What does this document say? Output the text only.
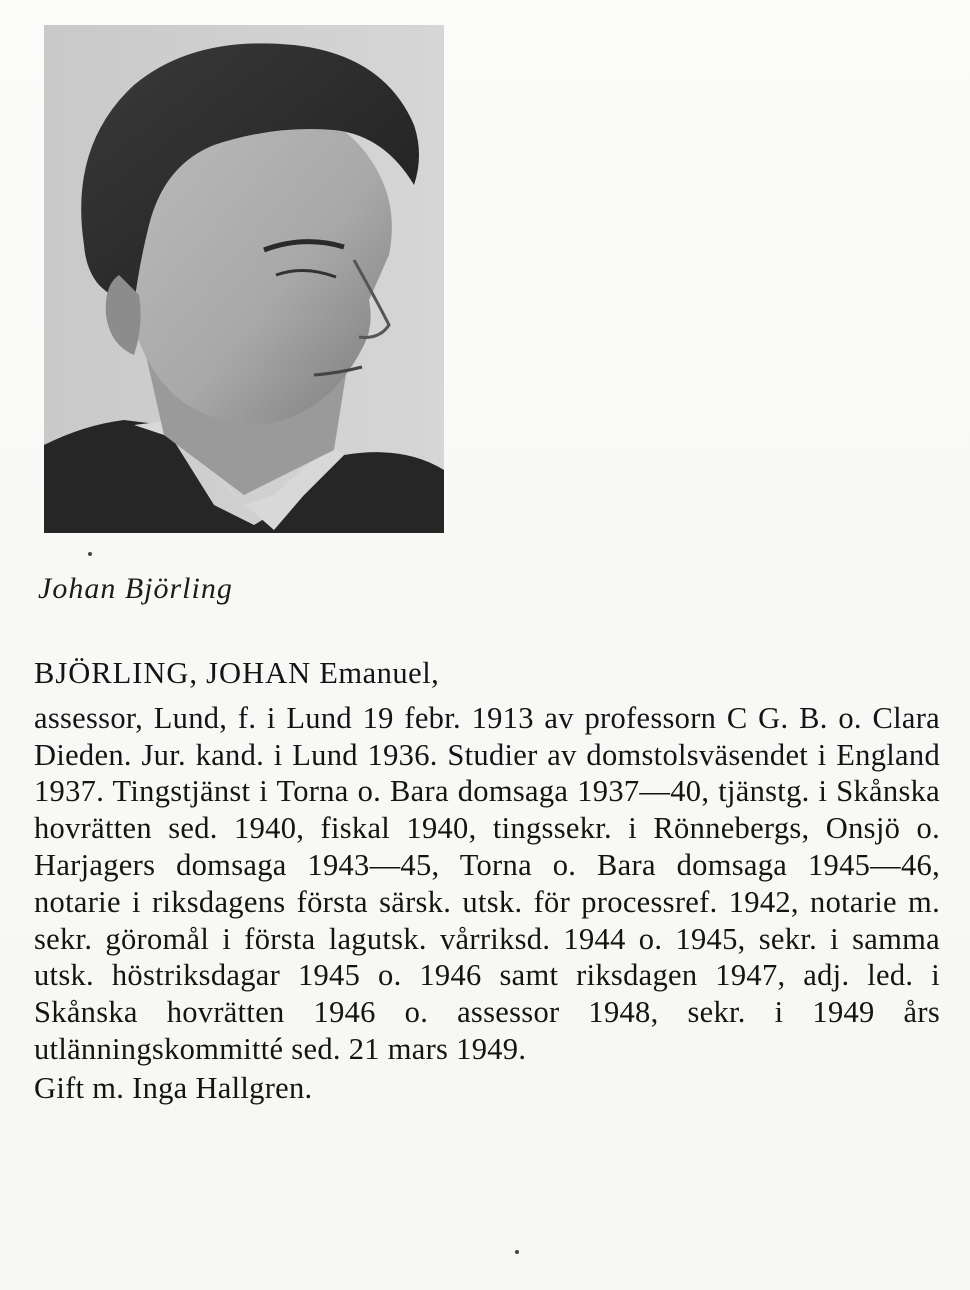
Johan Björling
BJÖRLING, JOHAN Emanuel,
assessor, Lund, f. i Lund 19 febr. 1913 av professorn C G. B. o. Clara Dieden. Jur. kand. i Lund 1936. Studier av domstolsväsendet i England 1937. Tingstjänst i Torna o. Bara domsaga 1937—40, tjänstg. i Skånska hovrätten sed. 1940, fiskal 1940, tingssekr. i Rönnebergs, Onsjö o. Harjagers domsaga 1943—45, Torna o. Bara domsaga 1945—46, notarie i riksdagens första särsk. utsk. för processref. 1942, notarie m. sekr. göromål i första lagutsk. vårriksd. 1944 o. 1945, sekr. i samma utsk. höstriksdagar 1945 o. 1946 samt riksdagen 1947, adj. led. i Skånska hovrätten 1946 o. assessor 1948, sekr. i 1949 års utlänningskommitté sed. 21 mars 1949.
Gift m. Inga Hallgren.
